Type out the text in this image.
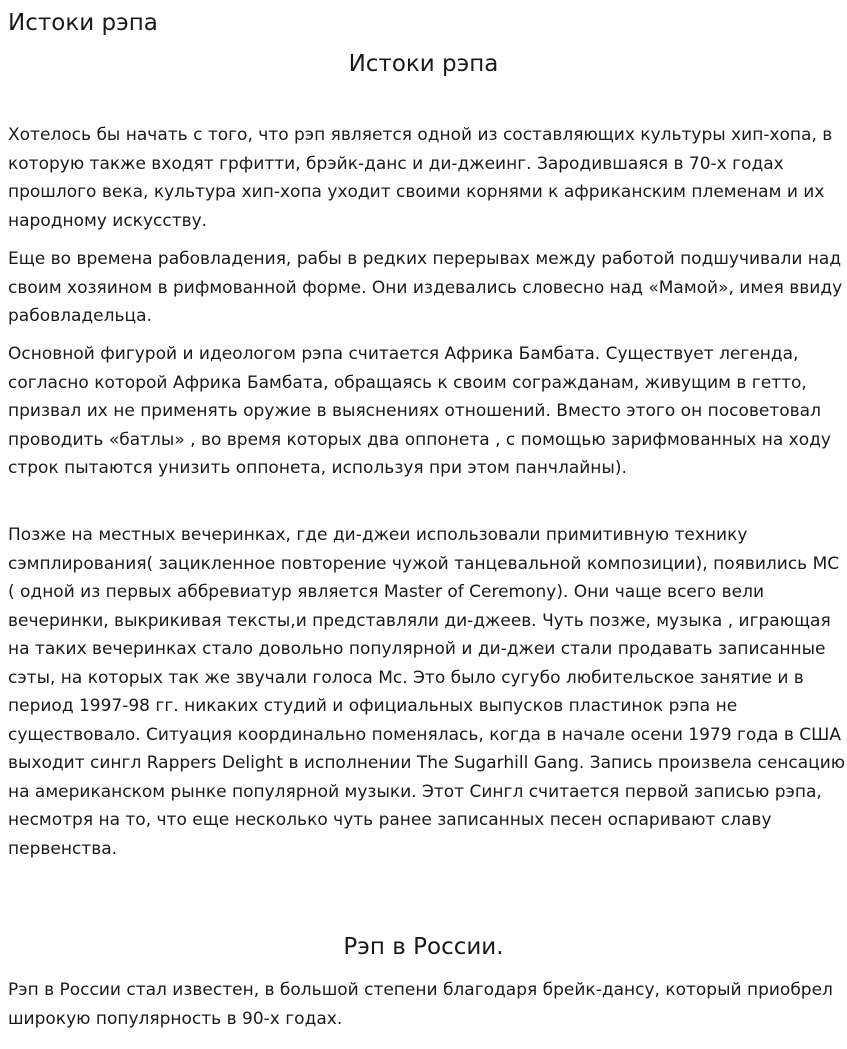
Истоки рэпа
Истоки рэпа

Хотелось бы начать с того, что рэп является одной из составляющих культуры хип-хопа, в которую также входят грфитти, брэйк-данс и ди-джеинг. Зародившаяся в 70-х годах прошлого века, культура хип-хопа уходит своими корнями к африканским племенам и их народному искусству.

Еще во времена рабовладения, рабы в редких перерывах между работой подшучивали над своим хозяином в рифмованной форме. Они издевались словесно над «Мамой», имея ввиду рабовладельца.

Основной фигурой и идеологом рэпа считается Африка Бамбата. Существует легенда, согласно которой Африка Бамбата, обращаясь к своим согражданам, живущим в гетто, призвал их не применять оружие в выяснениях отношений. Вместо этого он посоветовал проводить «батлы» , во время которых два оппонета , с помощью зарифмованных на ходу строк пытаются унизить оппонета, используя при этом панчлайны).

Позже на местных вечеринках, где ди-джеи использовали примитивную технику сэмплирования( зацикленное повторение чужой танцевальной композиции), появились МС ( одной из первых аббревиатур является Master of Ceremony). Они чаще всего вели вечеринки, выкрикивая тексты,и представляли ди-джеев. Чуть позже, музыка , играющая на таких вечеринках стало довольно популярной и ди-джеи стали продавать записанные сэты, на которых так же звучали голоса Мс. Это было сугубо любительское занятие и в период 1997-98 гг. никаких студий и официальных выпусков пластинок рэпа не существовало. Ситуация координально поменялась, когда в начале осени 1979 года в США выходит сингл Rappers Delight в исполнении The Sugarhill Gang. Запись произвела сенсацию на американском рынке популярной музыки. Этот Сингл считается первой записью рэпа, несмотря на то, что еще несколько чуть ранее записанных песен оспаривают славу первенства.

Рэп в России.

Рэп в России стал известен, в большой степени благодаря брейк-дансу, который приобрел широкую популярность в 90-х годах.
